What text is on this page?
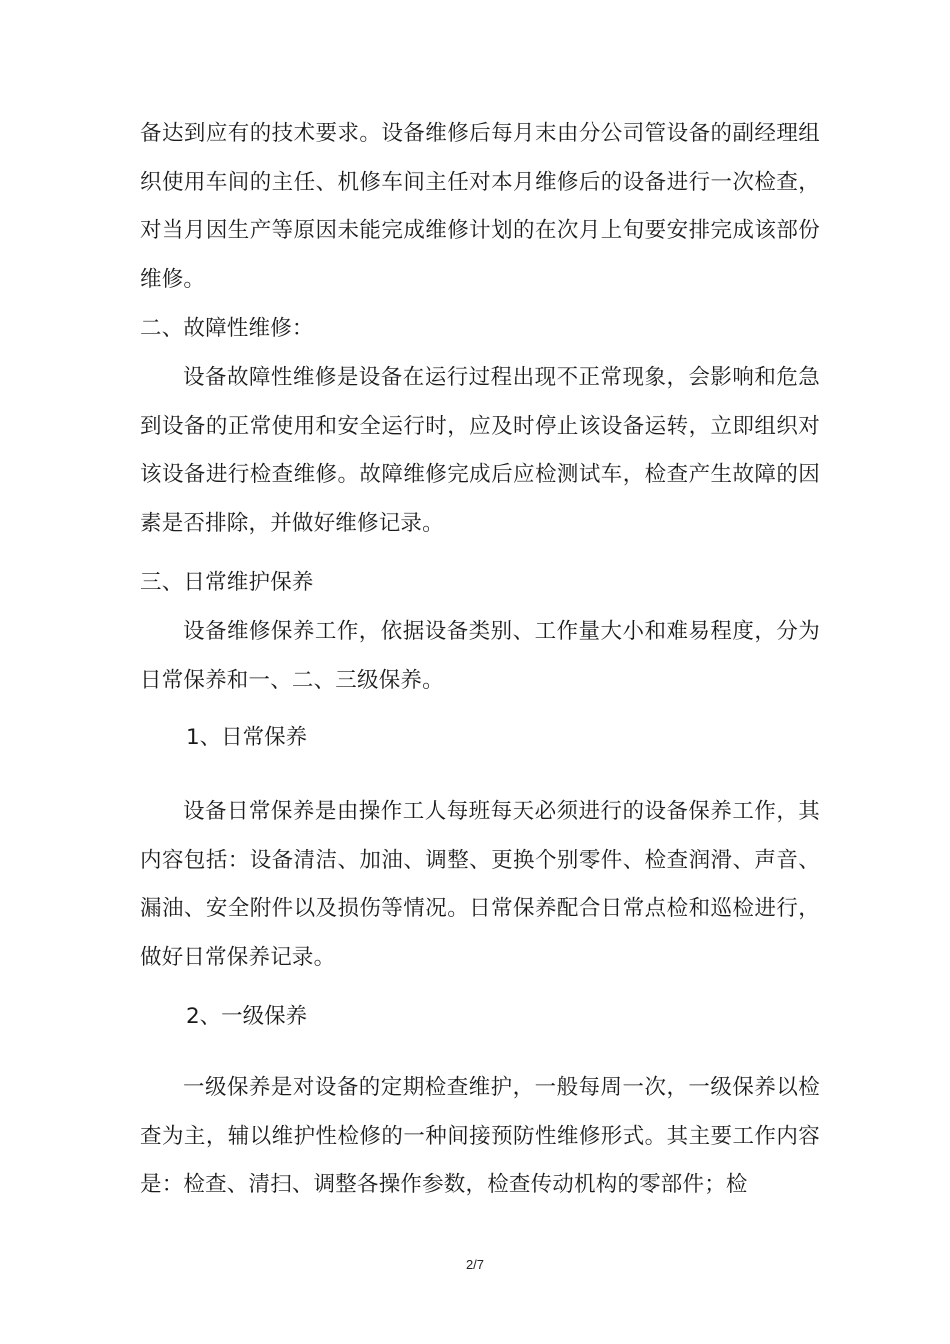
备达到应有的技术要求。设备维修后每月末由分公司管设备的副经理组织使用车间的主任、机修车间主任对本月维修后的设备进行一次检查，对当月因生产等原因未能完成维修计划的在次月上旬要安排完成该部份维修。

二、故障性维修：

设备故障性维修是设备在运行过程出现不正常现象，会影响和危急到设备的正常使用和安全运行时，应及时停止该设备运转，立即组织对该设备进行检查维修。故障维修完成后应检测试车，检查产生故障的因素是否排除，并做好维修记录。

三、日常维护保养

设备维修保养工作，依据设备类别、工作量大小和难易程度，分为日常保养和一、二、三级保养。

1、日常保养

设备日常保养是由操作工人每班每天必须进行的设备保养工作，其内容包括：设备清洁、加油、调整、更换个别零件、检查润滑、声音、漏油、安全附件以及损伤等情况。日常保养配合日常点检和巡检进行，做好日常保养记录。

2、一级保养

一级保养是对设备的定期检查维护，一般每周一次，一级保养以检查为主，辅以维护性检修的一种间接预防性维修形式。其主要工作内容是：检查、清扫、调整各操作参数，检查传动机构的零部件；检

2/7
